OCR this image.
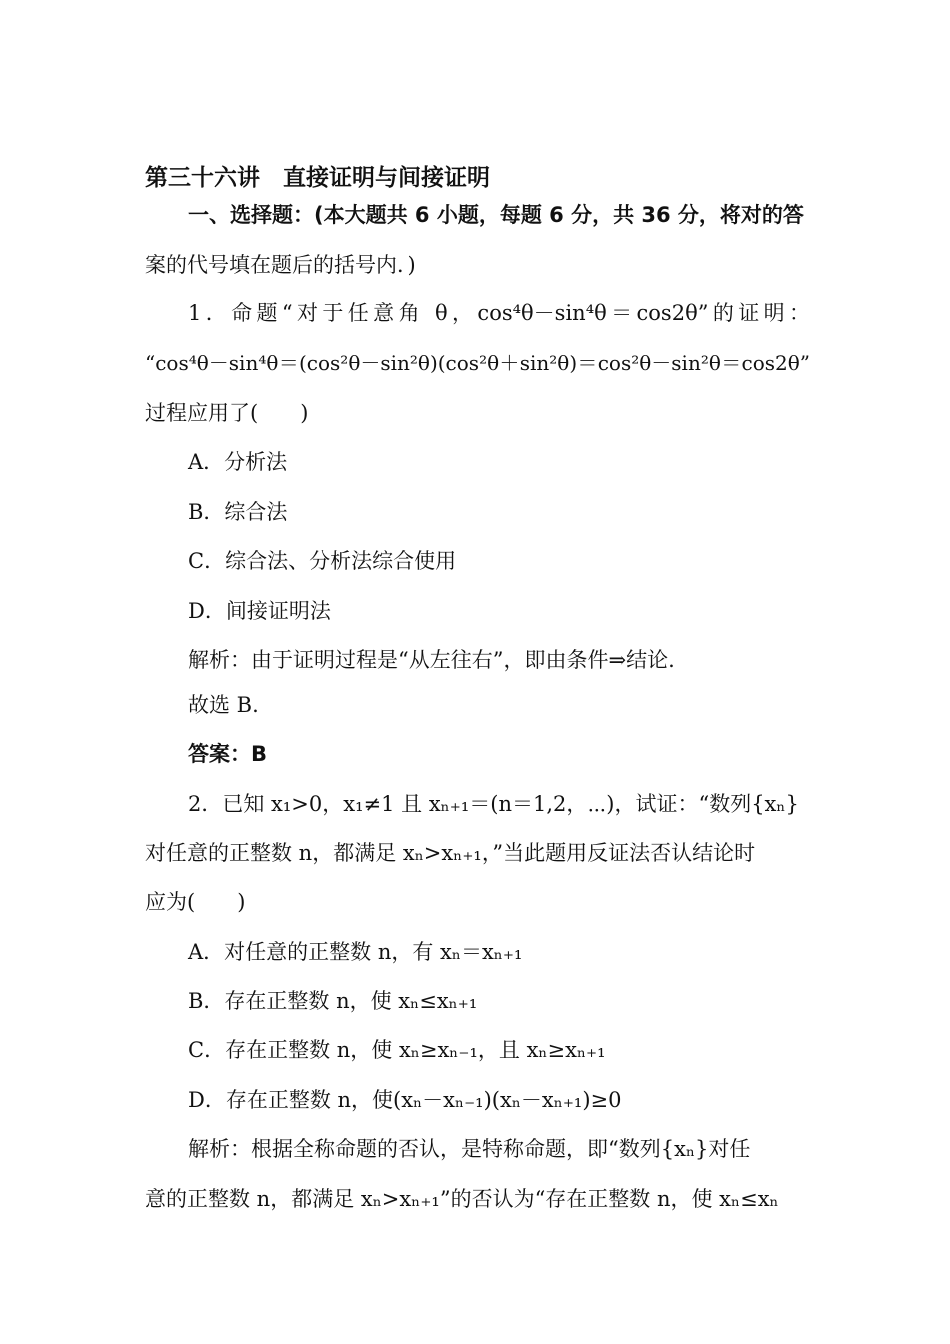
第三十六讲　直接证明与间接证明
一、选择题：(本大题共 6 小题，每题 6 分，共 36 分，将对的答
案的代号填在题后的括号内．)
1．命题“对于任意角 θ，cos⁴θ－sin⁴θ＝cos2θ”的证明：
“cos⁴θ－sin⁴θ＝(cos²θ－sin²θ)(cos²θ＋sin²θ)＝cos²θ－sin²θ＝cos2θ”
过程应用了(　　)
A．分析法
B．综合法
C．综合法、分析法综合使用
D．间接证明法
解析：由于证明过程是“从左往右”，即由条件⇒结论.
故选 B.
答案：B
2．已知 x₁>0，x₁≠1 且 xₙ₊₁＝(n＝1,2，⋯)，试证：“数列{xₙ}
对任意的正整数 n，都满足 xₙ>xₙ₊₁，”当此题用反证法否认结论时
应为(　　)
A．对任意的正整数 n，有 xₙ＝xₙ₊₁
B．存在正整数 n，使 xₙ≤xₙ₊₁
C．存在正整数 n，使 xₙ≥xₙ₋₁，且 xₙ≥xₙ₊₁
D．存在正整数 n，使(xₙ－xₙ₋₁)(xₙ－xₙ₊₁)≥0
解析：根据全称命题的否认，是特称命题，即“数列{xₙ}对任
意的正整数 n，都满足 xₙ>xₙ₊₁”的否认为“存在正整数 n，使 xₙ≤xₙ
